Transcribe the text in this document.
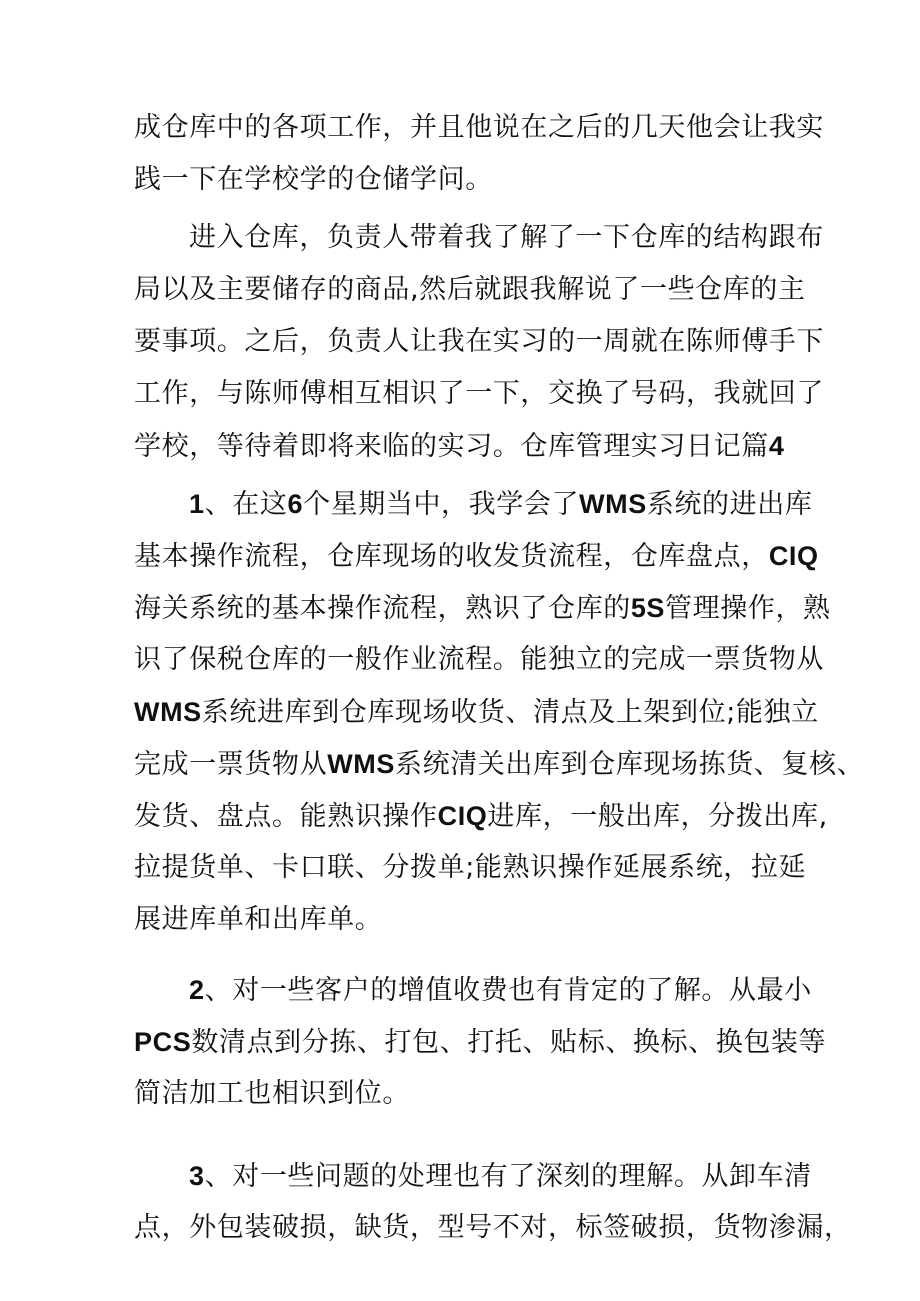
成仓库中的各项工作，并且他说在之后的几天他会让我实
践一下在学校学的仓储学问。
进入仓库，负责人带着我了解了一下仓库的结构跟布
局以及主要储存的商品,然后就跟我解说了一些仓库的主
要事项。之后，负责人让我在实习的一周就在陈师傅手下
工作，与陈师傅相互相识了一下，交换了号码，我就回了
学校，等待着即将来临的实习。仓库管理实习日记篇4
1、在这6个星期当中，我学会了WMS系统的进出库
基本操作流程，仓库现场的收发货流程，仓库盘点，CIQ
海关系统的基本操作流程，熟识了仓库的5S管理操作，熟
识了保税仓库的一般作业流程。能独立的完成一票货物从
WMS系统进库到仓库现场收货、清点及上架到位;能独立
完成一票货物从WMS系统清关出库到仓库现场拣货、复核、
发货、盘点。能熟识操作CIQ进库，一般出库，分拨出库,
拉提货单、卡口联、分拨单;能熟识操作延展系统，拉延
展进库单和出库单。
2、对一些客户的增值收费也有肯定的了解。从最小
PCS数清点到分拣、打包、打托、贴标、换标、换包装等
简洁加工也相识到位。
3、对一些问题的处理也有了深刻的理解。从卸车清
点，外包装破损，缺货，型号不对，标签破损，货物渗漏，
